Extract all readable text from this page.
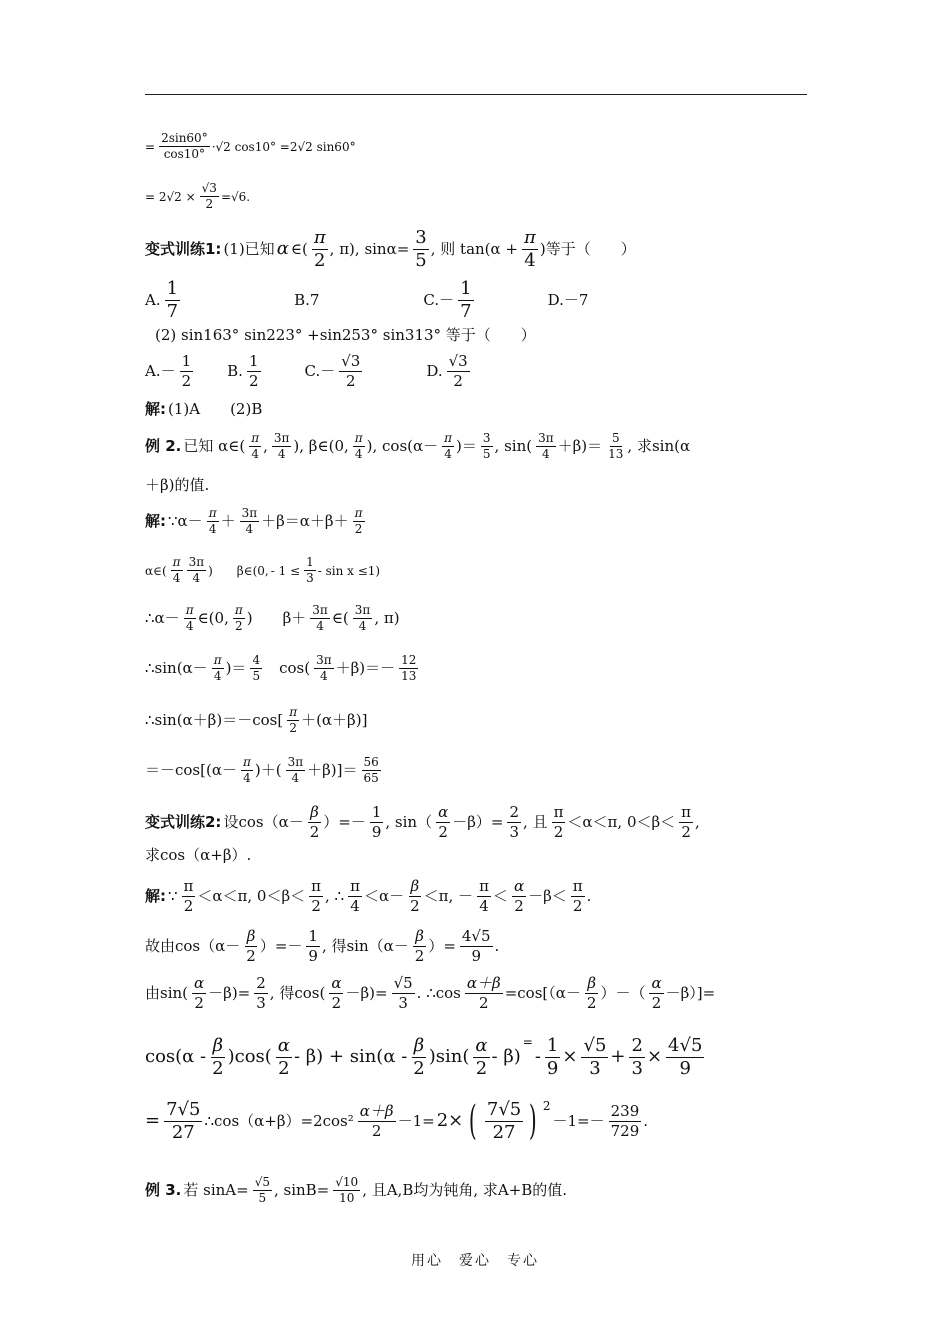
= $\frac{2\sin 60^\circ}{\cos 10^\circ} \cdot√2$ cos10° =2√2 sin60°
= $2√2 \times \frac{√3}{2} =√6$.
变式训练1: (1)已知 α ∈( $\frac{\pi}{2}$ , π), $\sin\alpha= \frac{3}{5}$ , 则 $\tan(\alpha + \frac{\pi}{4}$ )等于（　　）
A. $\frac{1}{7}$	B.7	$C.- \frac{1}{7}$	D.－7
(2) sin163° sin223° +sin253° sin313° 等于（　　）
$A.- \frac{1}{2} B$. $\frac{1}{2}$	$C.- \frac{√3}{2}$	D. $\frac{√3}{2}$
解: (1)A　　(2)B
例 2. 已知 α∈( $\frac{\pi}{4}$ , $\frac{3\pi}{4}$ ), β∈(0, $\frac{\pi}{4}$ ), $\cos(\alpha- \frac{\pi}{4}$ )＝ $\frac{3}{5}$ , $\sin( \frac{3\pi}{4} +\beta)= \frac{5}{13}$ , 求sin(α
＋β)的值.
解: ∵α－ $\frac{\pi}{4} + \frac{3\pi}{4} +\beta=\alpha+\beta+ \frac{\pi}{2}$
α∈( $\frac{\pi}{4} \frac{3\pi}{4}$ )　　β∈(0, - $1 \le \frac{1}{3} - \sin x \le 1$)
∴α－ $\frac{\pi}{4}$ ∈(0, $\frac{\pi}{2}$ )　　$\beta+ \frac{3\pi}{4}$ ∈( $\frac{3\pi}{4}$ , π)
∴sin(α－ $\frac{\pi}{4}$ )＝ $\frac{4}{5}$ 　$\cos( \frac{3\pi}{4} +\beta)=- \frac{12}{13}$
∴sin(α＋β)＝－cos[ $\frac{\pi}{2} +(\alpha+\beta)$]
$=-\cos[(\alpha- \frac{\pi}{4}$ )＋( $\frac{3\pi}{4} +\beta)]= \frac{56}{65}$
变式训练2: 设$\cos(\alpha- \frac{\beta}{2}$ ）=－ $\frac{1}{9}$ , $\sin( \frac{\alpha}{2} -\beta)= \frac{2}{3}$ , 且 $\frac{\pi}{2} <\alpha<\pi$, $0<\beta< \frac{\pi}{2}$ ,
求cos（α+β）.
解: ∵ $\frac{\pi}{2} <\alpha<\pi$, $0<\beta< \frac{\pi}{2}$ , ∴ $\frac{\pi}{4} <\alpha- \frac{\beta}{2} <\pi$, － $\frac{\pi}{4} < \frac{\alpha}{2} -\beta< \frac{\pi}{2}$ .
故由$\cos(\alpha- \frac{\beta}{2}$ ）=－ $\frac{1}{9}$ , 得$\sin(\alpha- \frac{\beta}{2}$ ）= $\frac{4√5}{9}$ .
由$\sin( \frac{\alpha}{2} -\beta)= \frac{2}{3}$ , 得$\cos( \frac{\alpha}{2} -\beta)= \frac{√5}{3}$ . ∴cos $\frac{\alpha+\beta}{2} =\cos[(\alpha- \frac{\beta}{2}$ ）－（ $\frac{\alpha}{2} -\beta)]=$
$\cos(\alpha - \frac{\beta}{2} )\cos( \frac{\alpha}{2} - \beta) + \sin(\alpha - \frac{\beta}{2} )\sin( \frac{\alpha}{2} - \beta)$
=
- $\frac{1}{9} \times \frac{√5}{3} + \frac{2}{3} \times \frac{4√5}{9}$
= $\frac{7√5}{27}$ ∴cos（α+β）=2cos² $\frac{\alpha+\beta}{2} -1= 2\times$ ( $\frac{7√5}{27}$ ) 2
$-1=- \frac{239}{729}$ .
例 3. 若 $\sin A= \frac{√5}{5}$ , $\sin B= \frac{√10}{10}$ , 且A,B均为钝角, 求A+B的值.
用心　爱心　专心
